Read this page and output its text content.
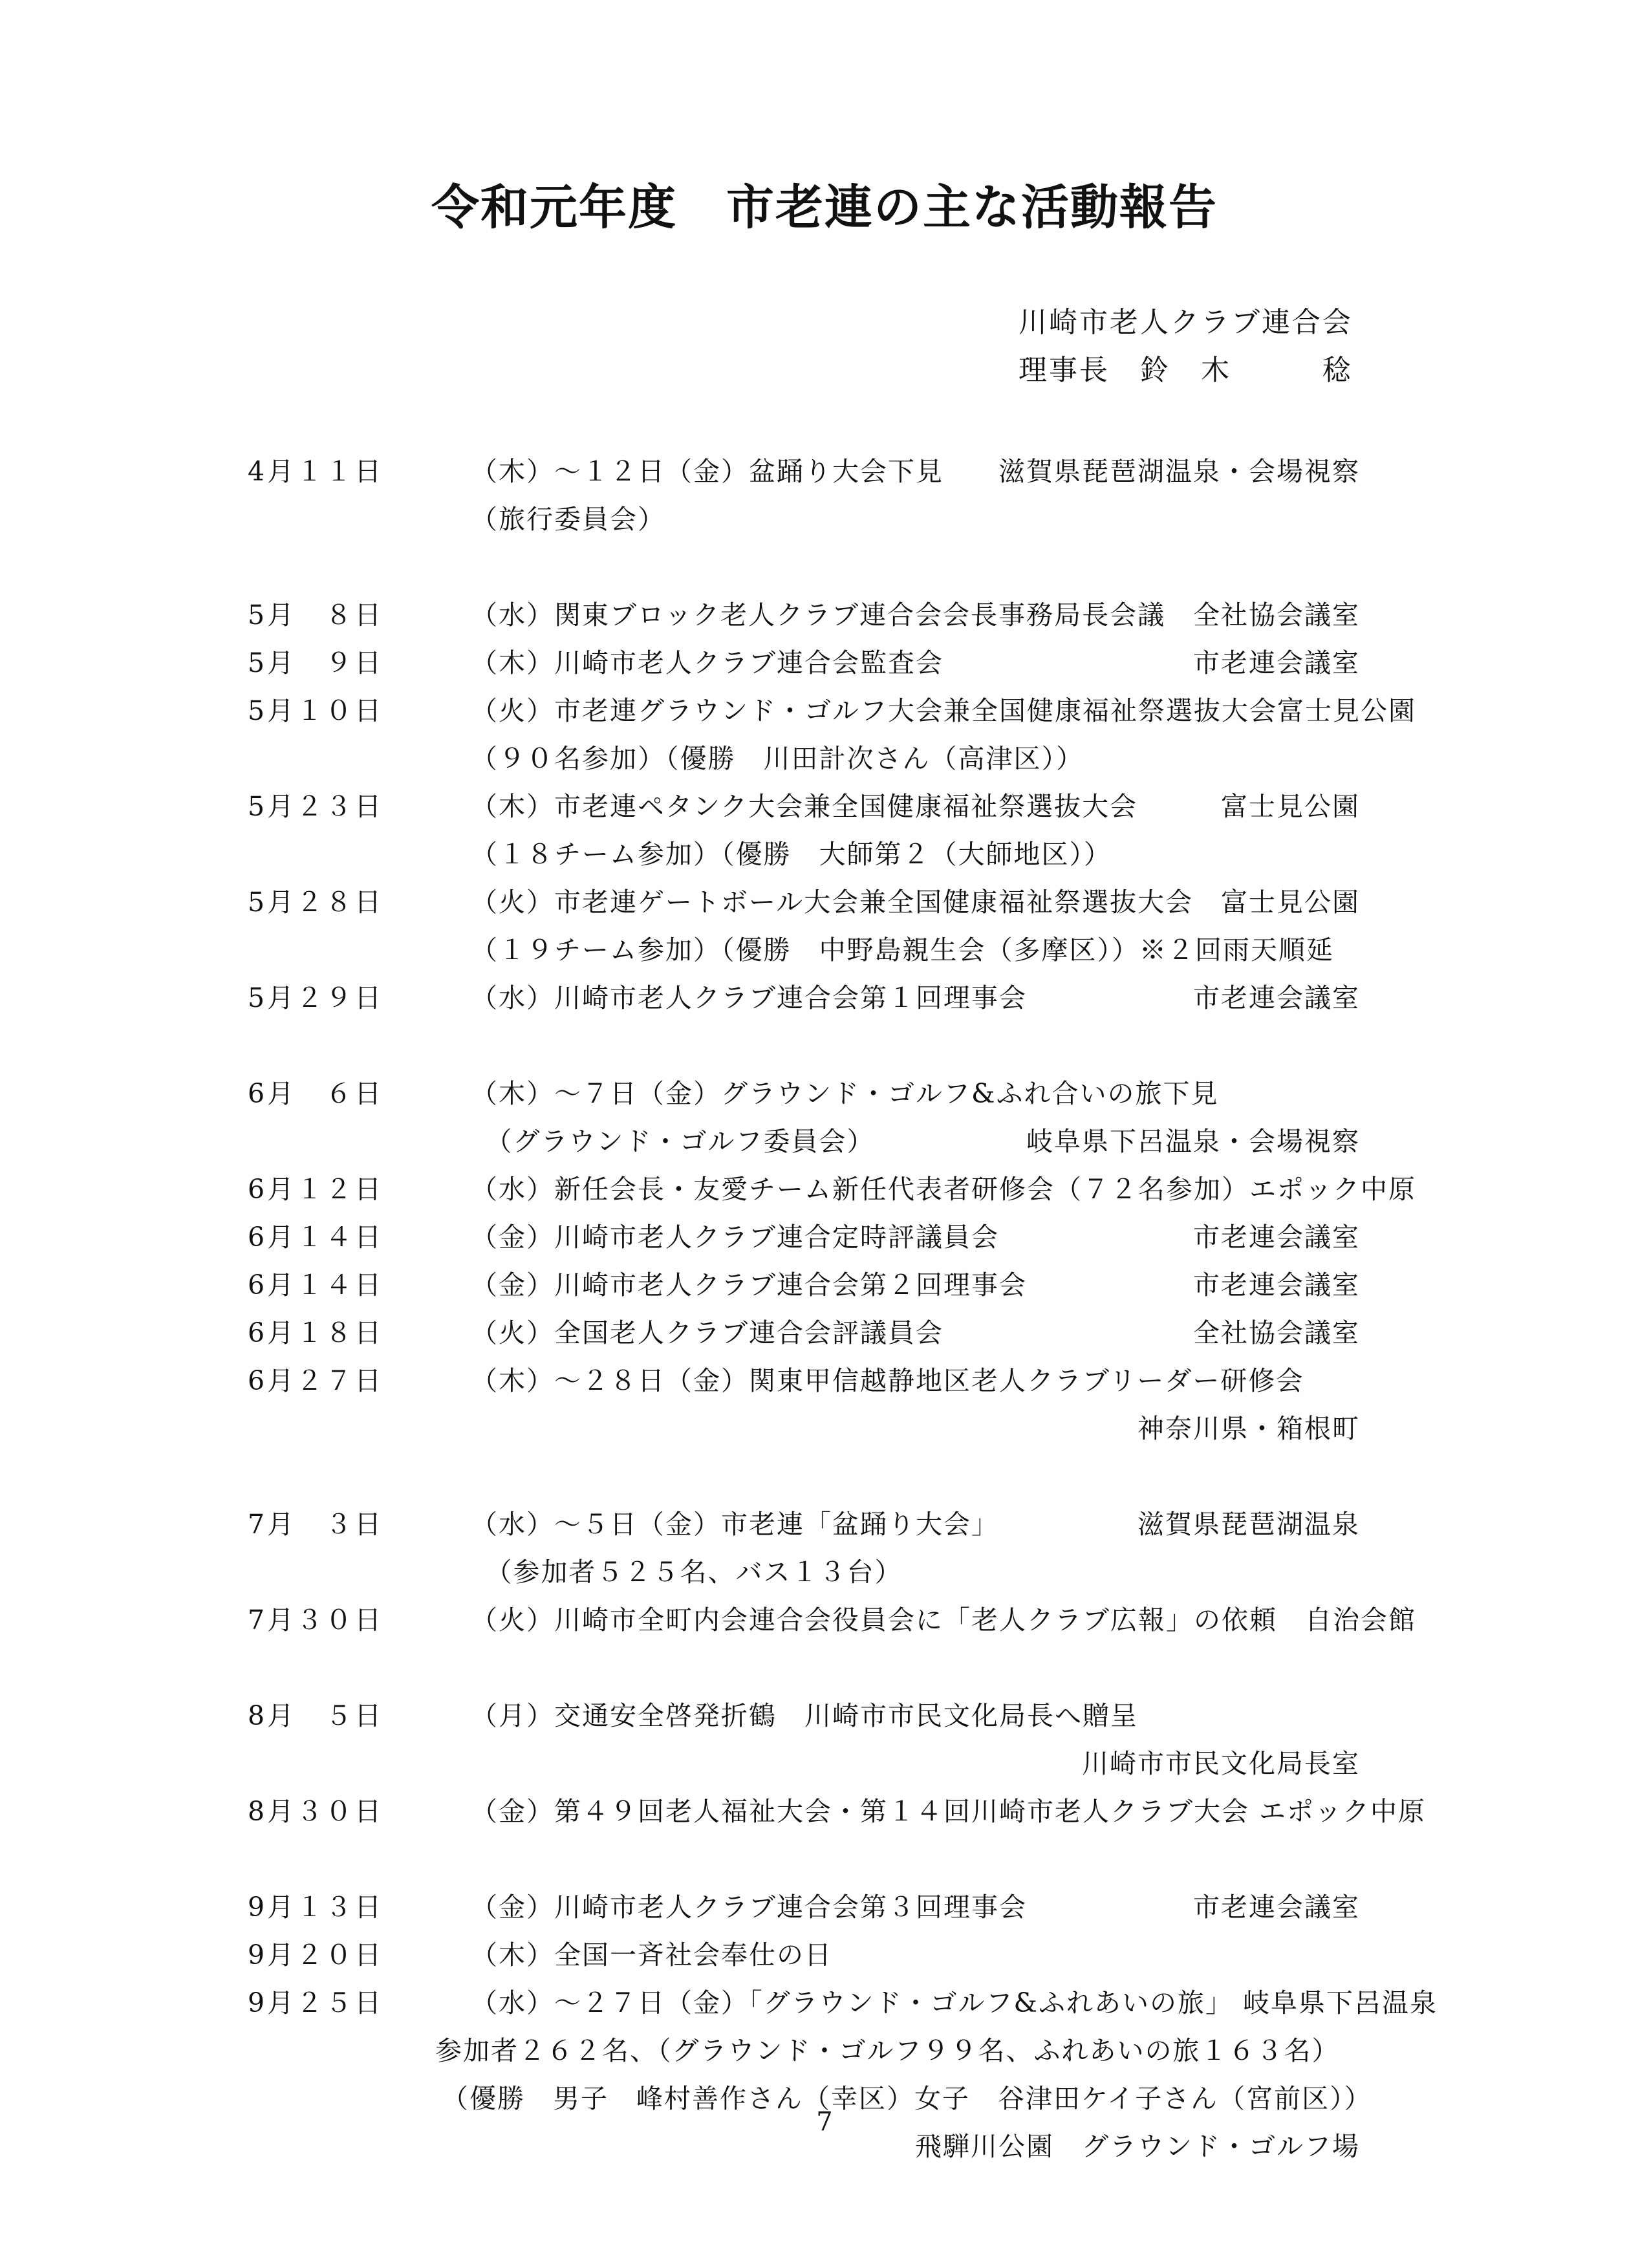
令和元年度　市老連の主な活動報告
川崎市老人クラブ連合会
理事長　鈴　木　　　稔
4月１１日	（木）～１２日（金）盆踊り大会下見 滋賀県琵琶湖温泉・会場視察
（旅行委員会）
5月　８日	（水）関東ブロック老人クラブ連合会会長事務局長会議 全社協会議室
5月　９日	（木）川崎市老人クラブ連合会監査会	市老連会議室
5月１０日	（火）市老連グラウンド・ゴルフ大会兼全国健康福祉祭選抜大会富士見公園
（９０名参加）（優勝　川田計次さん（高津区））
5月２３日	（木）市老連ペタンク大会兼全国健康福祉祭選抜大会	富士見公園
（１８チーム参加）（優勝　大師第２（大師地区））
5月２８日	（火）市老連ゲートボール大会兼全国健康福祉祭選抜大会 富士見公園
（１９チーム参加）（優勝　中野島親生会（多摩区））※２回雨天順延
5月２９日	（水）川崎市老人クラブ連合会第１回理事会	市老連会議室
6月　６日	（木）～７日（金）グラウンド・ゴルフ&ふれ合いの旅下見
　（グラウンド・ゴルフ委員会）	岐阜県下呂温泉・会場視察
6月１２日	（水）新任会長・友愛チーム新任代表者研修会（７２名参加）エポック中原
6月１４日	（金）川崎市老人クラブ連合定時評議員会	市老連会議室
6月１４日	（金）川崎市老人クラブ連合会第２回理事会	市老連会議室
6月１８日	（火）全国老人クラブ連合会評議員会	全社協会議室
6月２７日	（木）～２８日（金）関東甲信越静地区老人クラブリーダー研修会
神奈川県・箱根町
7月　３日	（水）～５日（金）市老連「盆踊り大会」	滋賀県琵琶湖温泉
　（参加者５２５名、バス１３台）
7月３０日	（火）川崎市全町内会連合会役員会に「老人クラブ広報」の依頼　自治会館
8月　５日	（月）交通安全啓発折鶴　川崎市市民文化局長へ贈呈
川崎市市民文化局長室
8月３０日	（金）第４９回老人福祉大会・第１４回川崎市老人クラブ大会 エポック中原
9月１３日	（金）川崎市老人クラブ連合会第３回理事会	市老連会議室
9月２０日	（木）全国一斉社会奉仕の日
9月２５日	（水）～２７日（金）「グラウンド・ゴルフ&ふれあいの旅」 岐阜県下呂温泉
参加者２６２名、（グラウンド・ゴルフ９９名、ふれあいの旅１６３名）
（優勝　男子　峰村善作さん（幸区）女子　谷津田ケイ子さん（宮前区））
飛騨川公園　グラウンド・ゴルフ場
7
